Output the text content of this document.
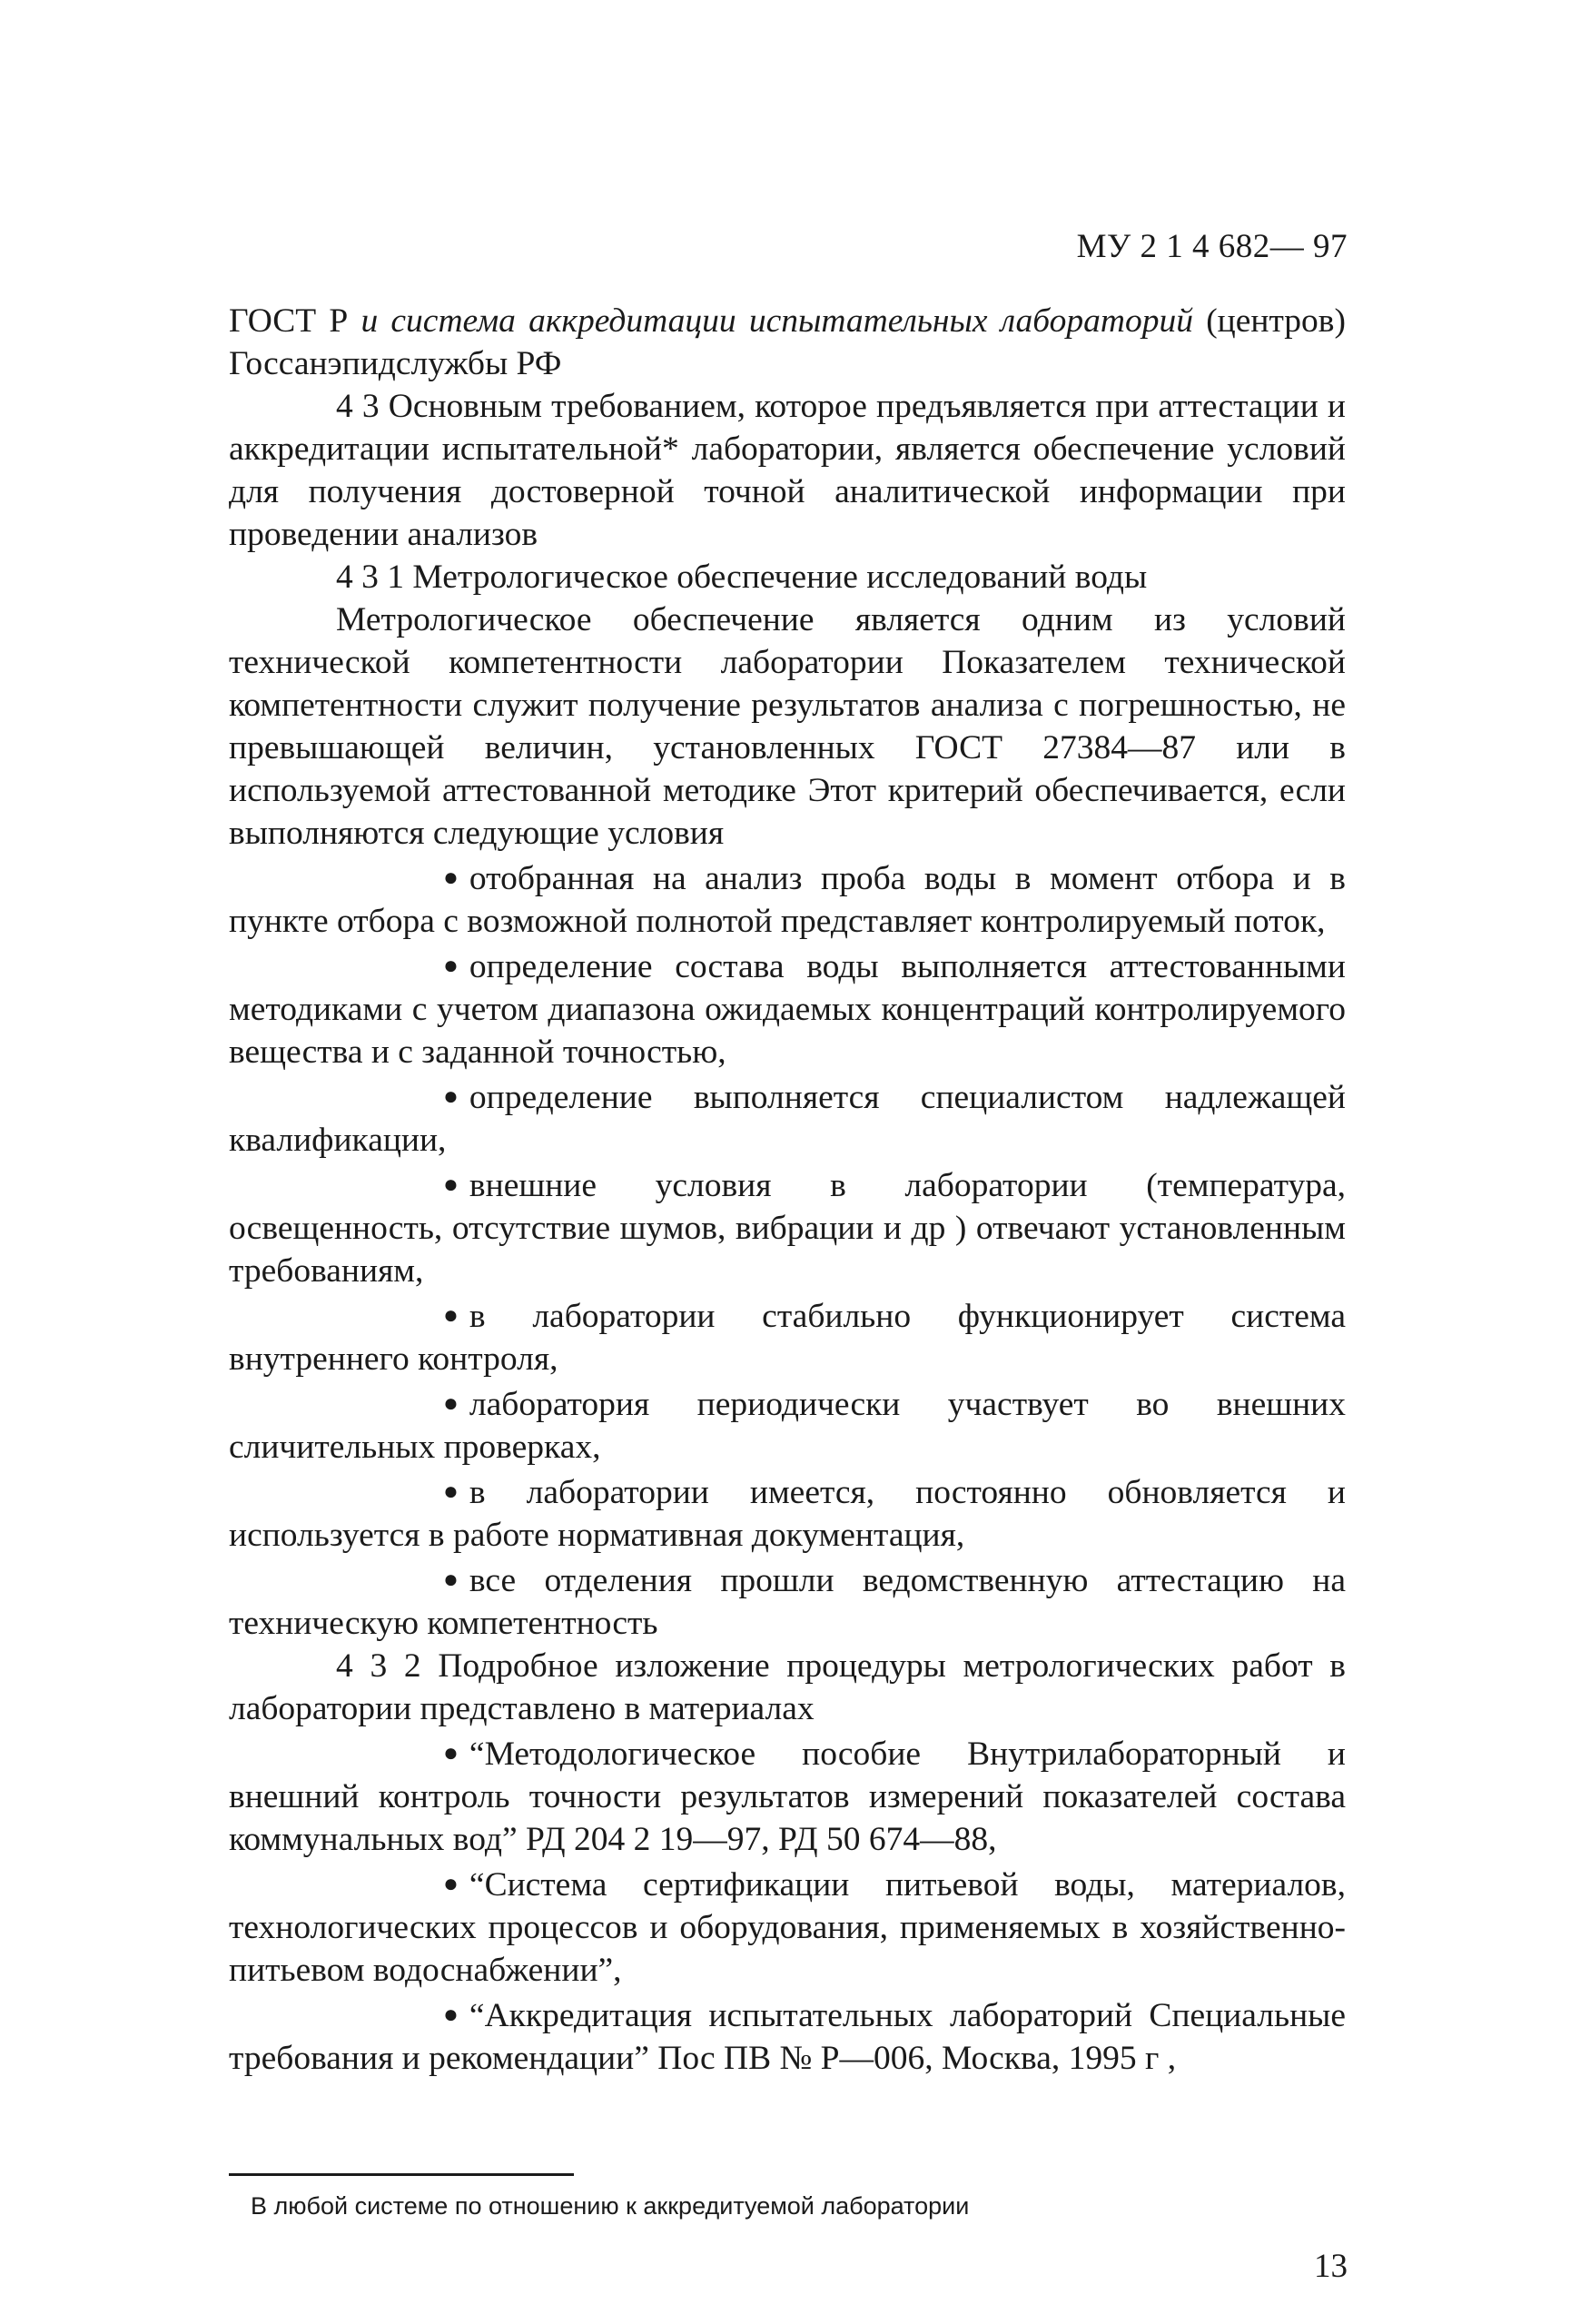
МУ 2 1 4 682— 97

ГОСТ Р и система аккредитации испытательных лабораторий (центров) Госсанэпидслужбы РФ

4 3 Основным требованием, которое предъявляется при аттестации и аккредитации испытательной* лаборатории, является обеспечение условий для получения достоверной точной аналитической информации при проведении анализов

4 3 1 Метрологическое обеспечение исследований воды

Метрологическое обеспечение является одним из условий технической компетентности лаборатории Показателем технической компетентности служит получение результатов анализа с погрешностью, не превышающей величин, установленных ГОСТ 27384—87 или в используемой аттестованной методике Этот критерий обеспечивается, если выполняются следующие условия

● отобранная на анализ проба воды в момент отбора и в пункте отбора с возможной полнотой представляет контролируемый поток,

● определение состава воды выполняется аттестованными методиками с учетом диапазона ожидаемых концентраций контролируемого вещества и с заданной точностью,

● определение выполняется специалистом надлежащей квалификации,

● внешние условия в лаборатории (температура, освещенность, отсутствие шумов, вибрации и др ) отвечают установленным требованиям,

● в лаборатории стабильно функционирует система внутреннего контроля,

● лаборатория периодически участвует во внешних сличительных проверках,

● в лаборатории имеется, постоянно обновляется и используется в работе нормативная документация,

● все отделения прошли ведомственную аттестацию на техническую компетентность

4 3 2 Подробное изложение процедуры метрологических работ в лаборатории представлено в материалах

● “Методологическое пособие Внутрилабораторный и внешний контроль точности результатов измерений показателей состава коммунальных вод” РД 204 2 19—97, РД 50 674—88,

● “Система сертификации питьевой воды, материалов, технологических процессов и оборудования, применяемых в хозяйственно-питьевом водоснабжении”,

● “Аккредитация испытательных лабораторий Специальные требования и рекомендации” Пос ПВ № Р—006, Москва, 1995 г ,

В любой системе по отношению к аккредитуемой лаборатории
13
